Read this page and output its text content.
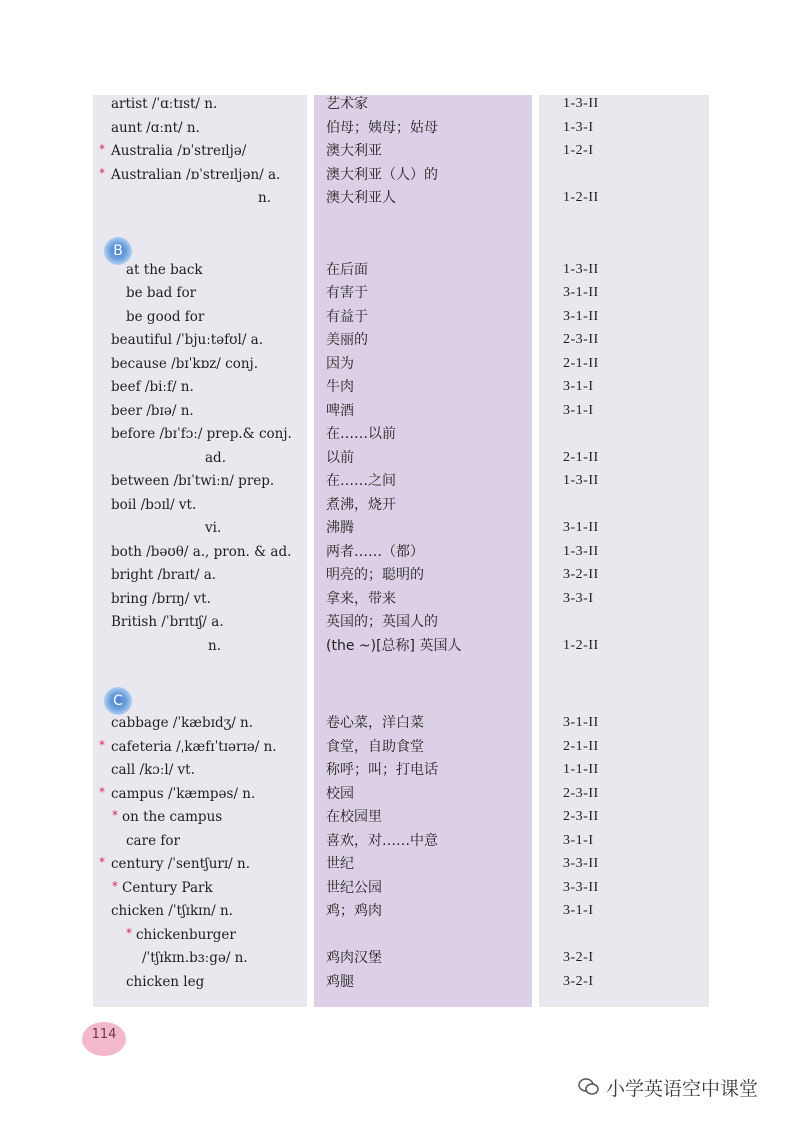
artist /ˈɑːtɪst/ n.	艺术家	1-3-II
aunt /ɑːnt/ n.	伯母；姨母；姑母	1-3-I
* Australia /ɒˈstreɪljə/	澳大利亚	1-2-I
* Australian /ɒˈstreɪljən/ a.	澳大利亚（人）的
n.	澳大利亚人	1-2-II
B
at the back	在后面	1-3-II
be bad for	有害于	3-1-II
be good for	有益于	3-1-II
beautiful /ˈbjuːtəfʊl/ a.	美丽的	2-3-II
because /bɪˈkɒz/ conj.	因为	2-1-II
beef /biːf/ n.	牛肉	3-1-I
beer /bɪə/ n.	啤酒	3-1-I
before /bɪˈfɔː/ prep.& conj. 在……以前
ad.	以前	2-1-II
between /bɪˈtwiːn/ prep.	在……之间	1-3-II
boil /bɔɪl/ vt.	煮沸，烧开
vi.	沸腾	3-1-II
both /bəʊθ/ a., pron. & ad. 两者……（都）	1-3-II
bright /braɪt/ a.	明亮的；聪明的	3-2-II
bring /brɪŋ/ vt.	拿来，带来	3-3-I
British /ˈbrɪtɪʃ/ a.	英国的；英国人的
n.	(the ~)[总称] 英国人	1-2-II
C
cabbage /ˈkæbɪdʒ/ n.	卷心菜，洋白菜	3-1-II
* cafeteria /ˌkæfɪˈtɪərɪə/ n.	食堂，自助食堂	2-1-II
call /kɔːl/ vt.	称呼；叫；打电话	1-1-II
* campus /ˈkæmpəs/ n.	校园	2-3-II
* on the campus	在校园里	2-3-II
care for	喜欢，对……中意	3-1-I
* century /ˈsentʃurɪ/ n.	世纪	3-3-II
* Century Park	世纪公园	3-3-II
chicken /ˈtʃɪkɪn/ n.	鸡；鸡肉	3-1-I
* chickenburger
/ˈtʃɪkɪn.bɜːgə/ n.	鸡肉汉堡	3-2-I
chicken leg	鸡腿	3-2-I
114
小学英语空中课堂
